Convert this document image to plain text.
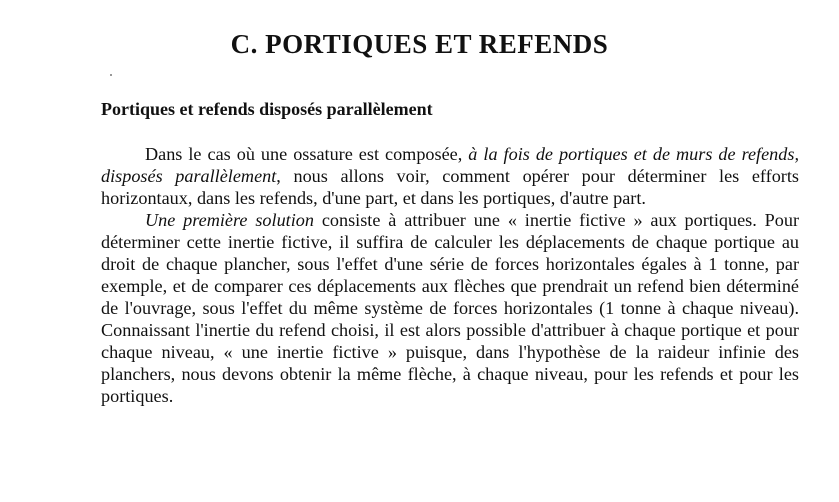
C. PORTIQUES ET REFENDS
Portiques et refends disposés parallèlement

Dans le cas où une ossature est composée, à la fois de portiques et de murs de refends, disposés parallèlement, nous allons voir, comment opérer pour déterminer les efforts horizontaux, dans les refends, d'une part, et dans les portiques, d'autre part.

Une première solution consiste à attribuer une « inertie fictive » aux portiques. Pour déterminer cette inertie fictive, il suffira de calculer les déplacements de chaque portique au droit de chaque plancher, sous l'effet d'une série de forces horizontales égales à 1 tonne, par exemple, et de comparer ces déplacements aux flèches que prendrait un refend bien déterminé de l'ouvrage, sous l'effet du même système de forces horizontales (1 tonne à chaque niveau). Connaissant l'inertie du refend choisi, il est alors possible d'attribuer à chaque portique et pour chaque niveau, « une inertie fictive » puisque, dans l'hypothèse de la raideur infinie des planchers, nous devons obtenir la même flèche, à chaque niveau, pour les refends et pour les portiques.
